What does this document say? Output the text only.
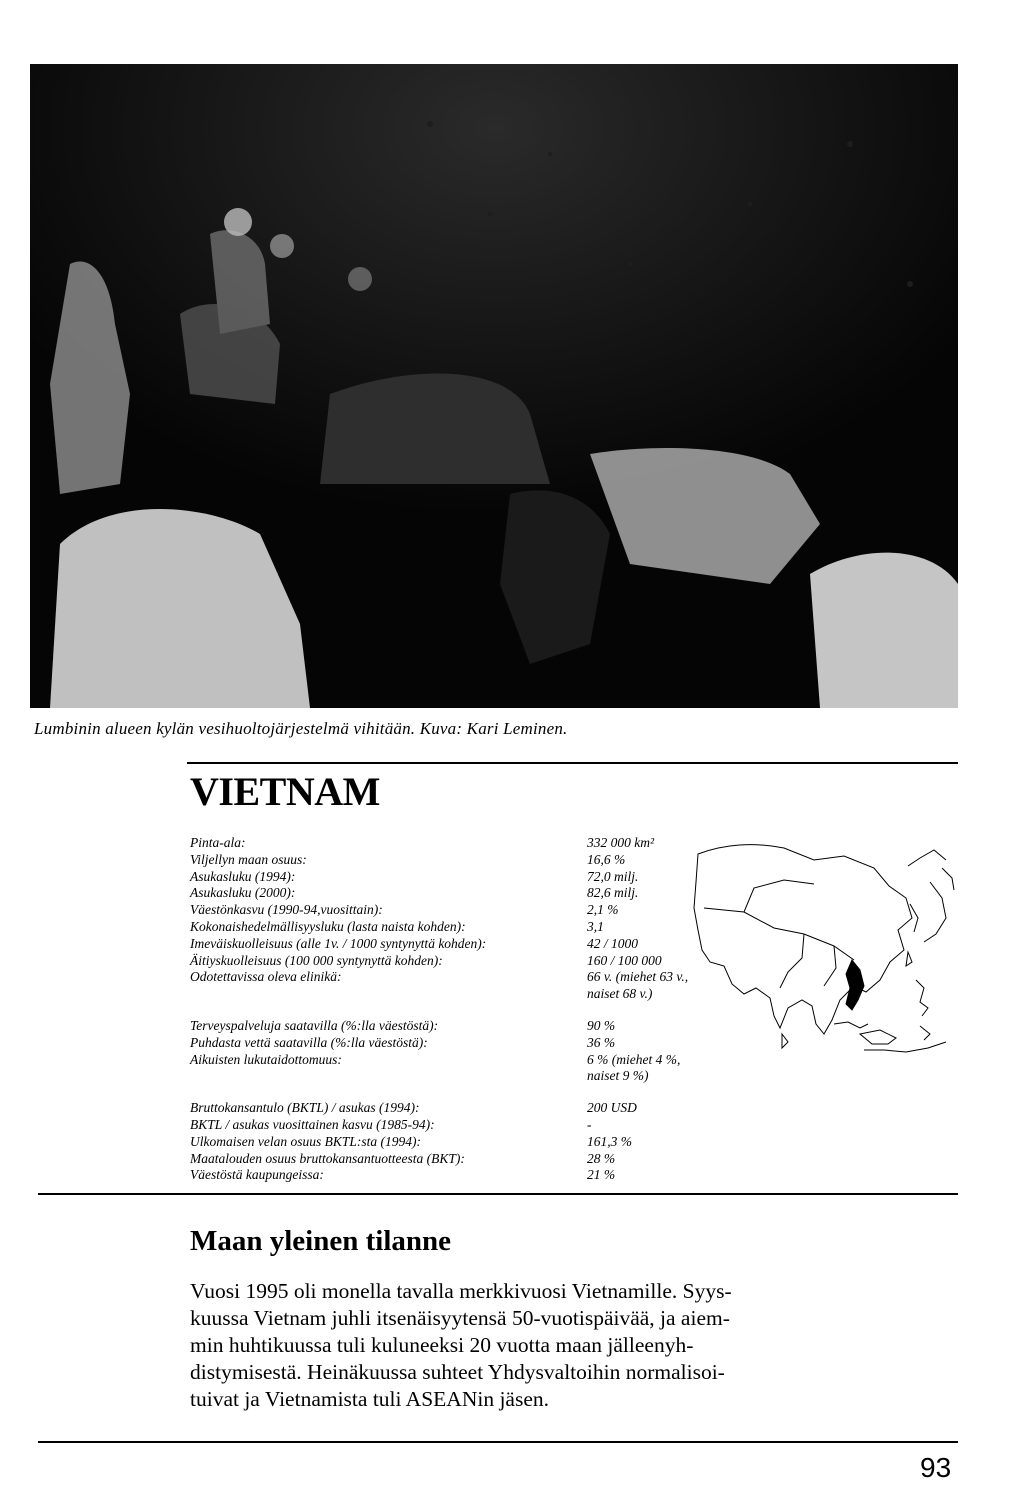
Lumbinin alueen kylän vesihuoltojärjestelmä vihitään. Kuva: Kari Leminen.
VIETNAM
Pinta-ala:	332 000 km²
Viljellyn maan osuus:	16,6 %
Asukasluku (1994):	72,0 milj.
Asukasluku (2000):	82,6 milj.
Väestönkasvu (1990-94,vuosittain):	2,1 %
Kokonaishedelmällisyysluku (lasta naista kohden):	3,1
Imeväiskuolleisuus (alle 1v. / 1000 syntynyttä kohden):	42 / 1000
Äitiyskuolleisuus (100 000 syntynyttä kohden):	160 / 100 000
Odotettavissa oleva elinikä:	66 v. (miehet 63 v.,
naiset 68 v.)
Terveyspalveluja saatavilla (%:lla väestöstä):	90 %
Puhdasta vettä saatavilla (%:lla väestöstä):	36 %
Aikuisten lukutaidottomuus:	6 % (miehet 4 %,
naiset 9 %)
Bruttokansantulo (BKTL) / asukas (1994):	200 USD
BKTL / asukas vuosittainen kasvu (1985-94):	-
Ulkomaisen velan osuus BKTL:sta (1994):	161,3 %
Maatalouden osuus bruttokansantuotteesta (BKT):	28 %
Väestöstä kaupungeissa:	21 %
Maan yleinen tilanne
Vuosi 1995 oli monella tavalla merkkivuosi Vietnamille. Syys-
kuussa Vietnam juhli itsenäisyytensä 50-vuotispäivää, ja aiem-
min huhtikuussa tuli kuluneeksi 20 vuotta maan jälleenyh-
distymisestä. Heinäkuussa suhteet Yhdysvaltoihin normalisoi-
tuivat ja Vietnamista tuli ASEANin jäsen.
93
